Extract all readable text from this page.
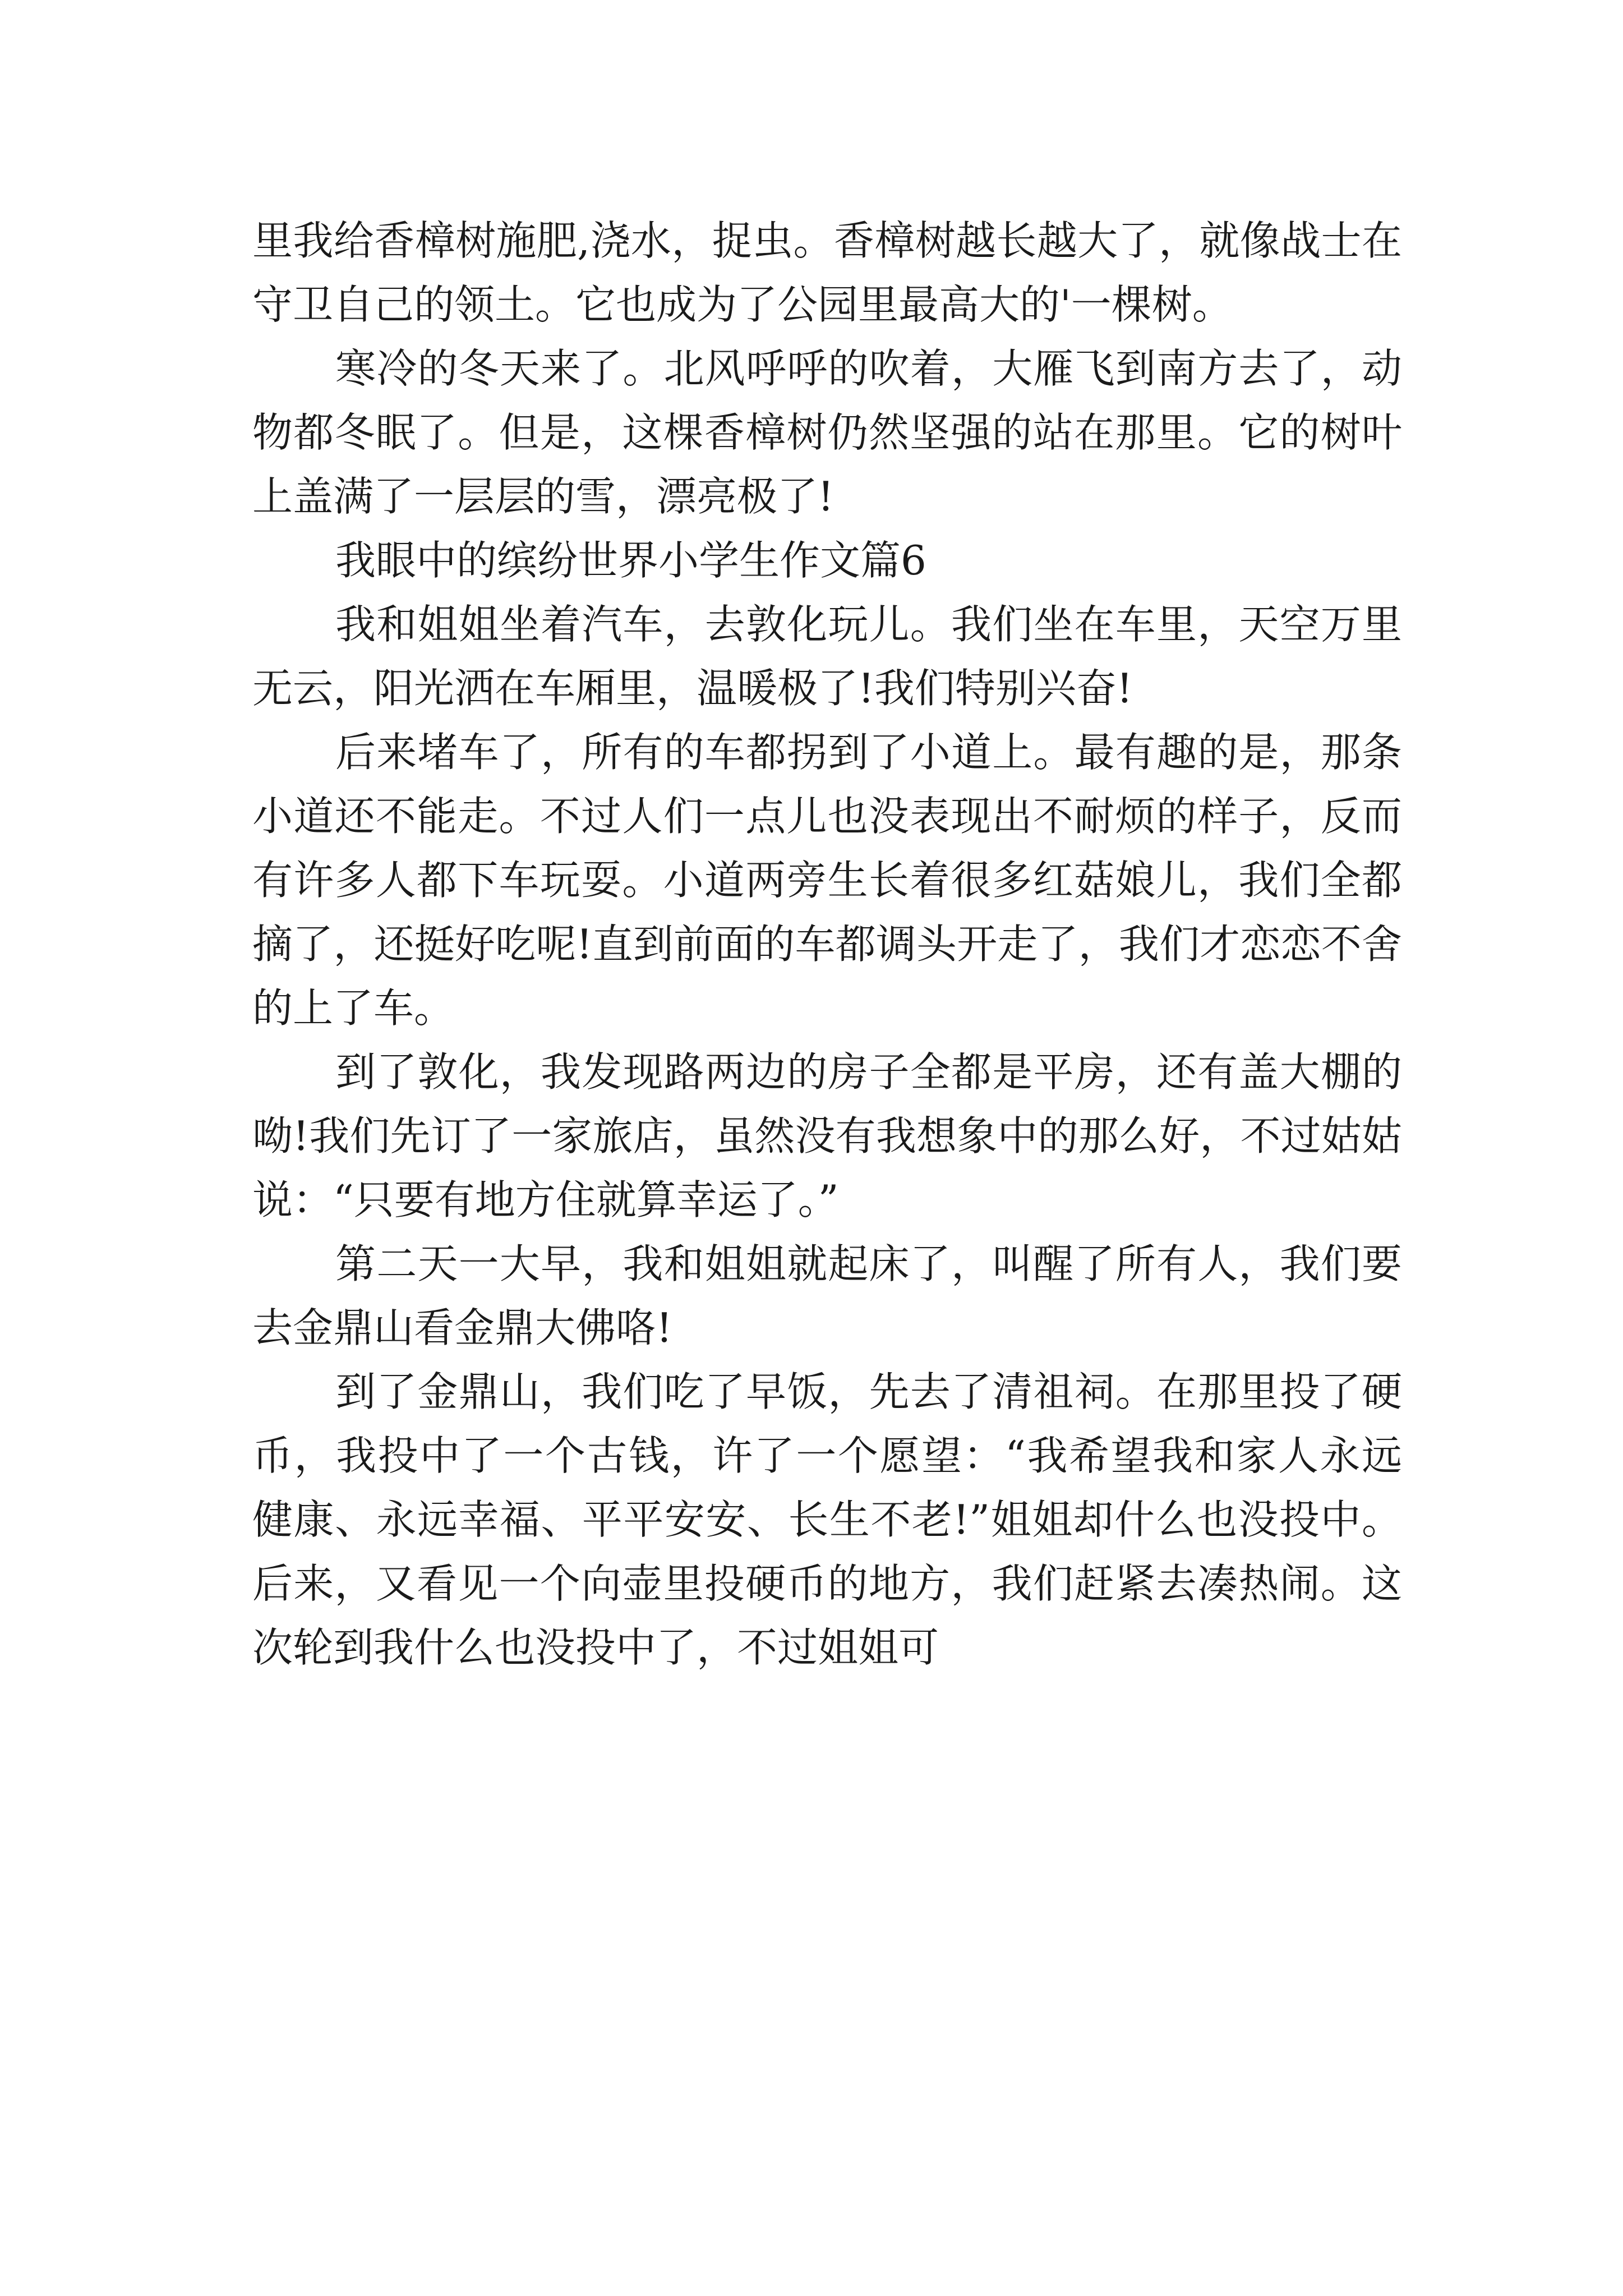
里我给香樟树施肥,浇水，捉虫。香樟树越长越大了，就像战士在守卫自己的领土。它也成为了公园里最高大的'一棵树。

寒冷的冬天来了。北风呼呼的吹着，大雁飞到南方去了，动物都冬眠了。但是，这棵香樟树仍然坚强的站在那里。它的树叶上盖满了一层层的雪，漂亮极了!

我眼中的缤纷世界小学生作文篇6

我和姐姐坐着汽车，去敦化玩儿。我们坐在车里，天空万里无云，阳光洒在车厢里，温暖极了!我们特别兴奋!

后来堵车了，所有的车都拐到了小道上。最有趣的是，那条小道还不能走。不过人们一点儿也没表现出不耐烦的样子，反而有许多人都下车玩耍。小道两旁生长着很多红菇娘儿，我们全都摘了，还挺好吃呢!直到前面的车都调头开走了，我们才恋恋不舍的上了车。

到了敦化，我发现路两边的房子全都是平房，还有盖大棚的呦!我们先订了一家旅店，虽然没有我想象中的那么好，不过姑姑说：“只要有地方住就算幸运了。”

第二天一大早，我和姐姐就起床了，叫醒了所有人，我们要去金鼎山看金鼎大佛咯!

到了金鼎山，我们吃了早饭，先去了清祖祠。在那里投了硬币，我投中了一个古钱，许了一个愿望：“我希望我和家人永远健康、永远幸福、平平安安、长生不老!”姐姐却什么也没投中。后来，又看见一个向壶里投硬币的地方，我们赶紧去凑热闹。这次轮到我什么也没投中了，不过姐姐可
